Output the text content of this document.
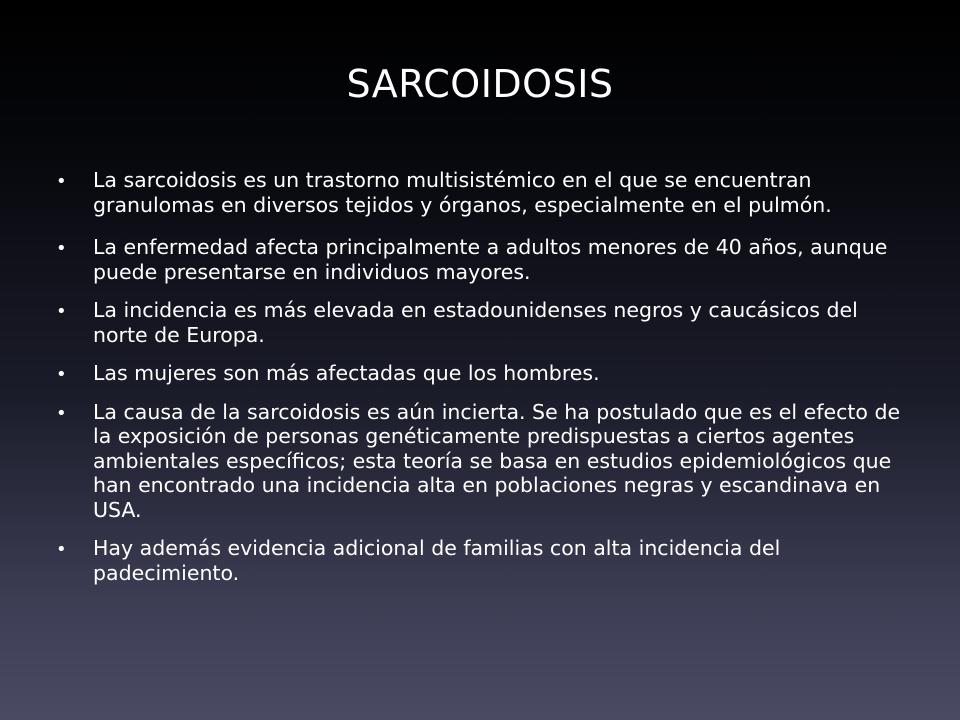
SARCOIDOSIS
• La sarcoidosis es un trastorno multisistémico en el que se encuentran granulomas en diversos tejidos y órganos, especialmente en el pulmón.
• La enfermedad afecta principalmente a adultos menores de 40 años, aunque puede presentarse en individuos mayores.
• La incidencia es más elevada en estadounidenses negros y caucásicos del norte de Europa.
• Las mujeres son más afectadas que los hombres.
• La causa de la sarcoidosis es aún incierta. Se ha postulado que es el efecto de la exposición de personas genéticamente predispuestas a ciertos agentes ambientales específicos; esta teoría se basa en estudios epidemiológicos que han encontrado una incidencia alta en poblaciones negras y escandinava en USA.
• Hay además evidencia adicional de familias con alta incidencia del padecimiento.
